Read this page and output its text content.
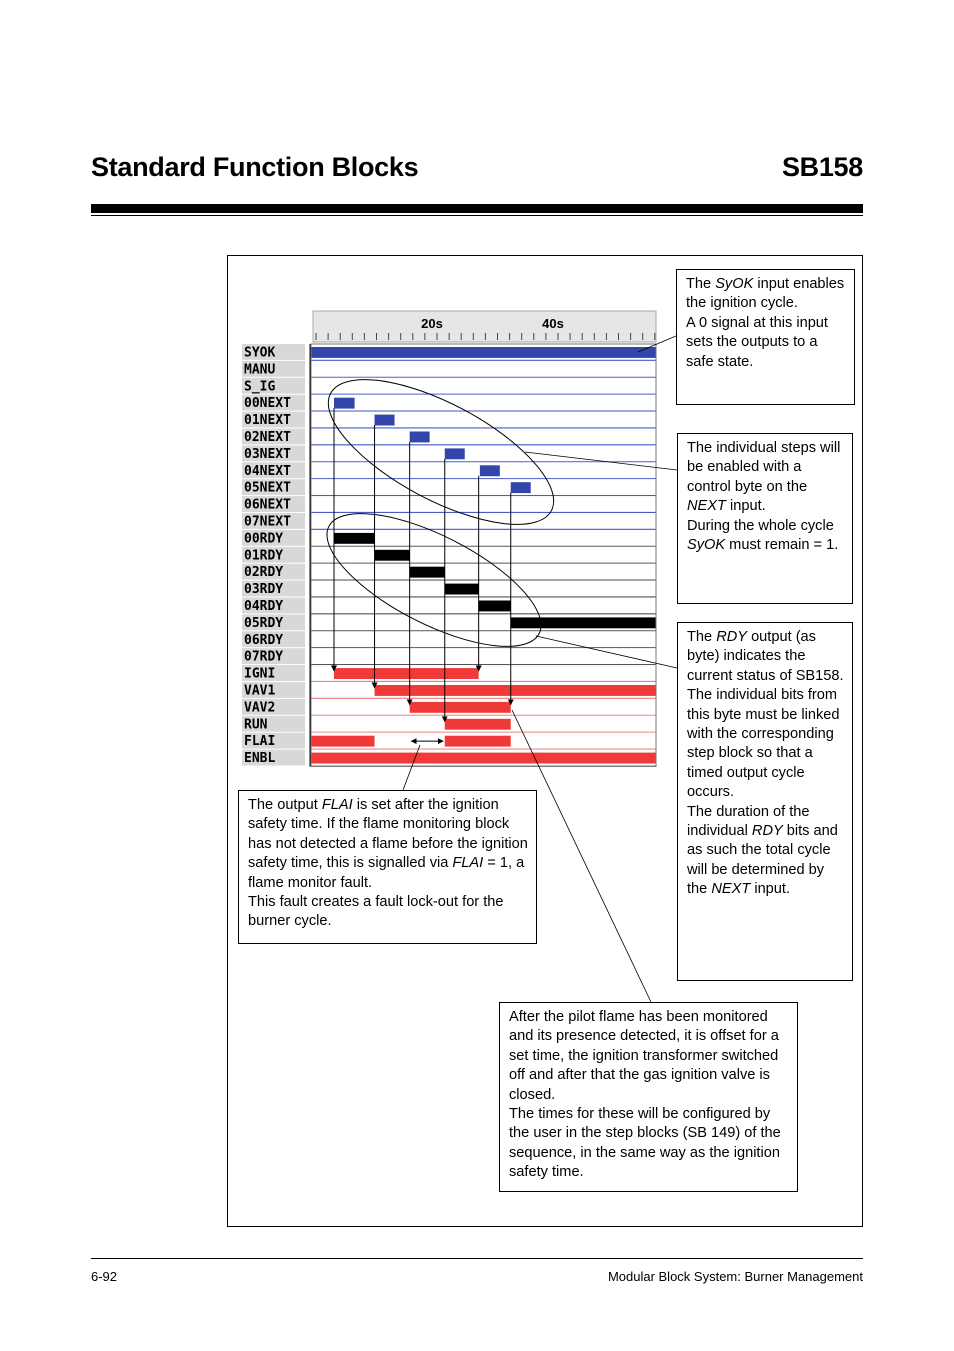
Standard Function Blocks	SB158
20s	40s
SYOK
MANU
S_IG
00NEXT
01NEXT
02NEXT
03NEXT
04NEXT
05NEXT
06NEXT
07NEXT
00RDY
01RDY
02RDY
03RDY
04RDY
05RDY
06RDY
07RDY
IGNI
VAV1
VAV2
RUN
FLAI
ENBL

The SyOK input enables the ignition cycle.

A 0 signal at this input sets the outputs to a safe state.

The individual steps will be enabled with a control byte on the NEXT input.

During the whole cycle SyOK must remain = 1.

The RDY output (as byte) indicates the current status of SB158.

The individual bits from this byte must be linked with the corresponding step block so that a timed output cycle occurs.

The duration of the individual RDY bits and as such the total cycle will be determined by the NEXT input.

The output FLAI is set after the ignition safety time. If the flame monitoring block has not detected a flame before the ignition safety time, this is signalled via FLAI = 1, a flame monitor fault.

This fault creates a fault lock-out for the burner cycle.

After the pilot flame has been monitored and its presence detected, it is offset for a set time, the ignition transformer switched off and after that the gas ignition valve is closed.

The times for these will be configured by the user in the step blocks (SB 149) of the sequence, in the same way as the ignition safety time.

6-92	Modular Block System: Burner Management
